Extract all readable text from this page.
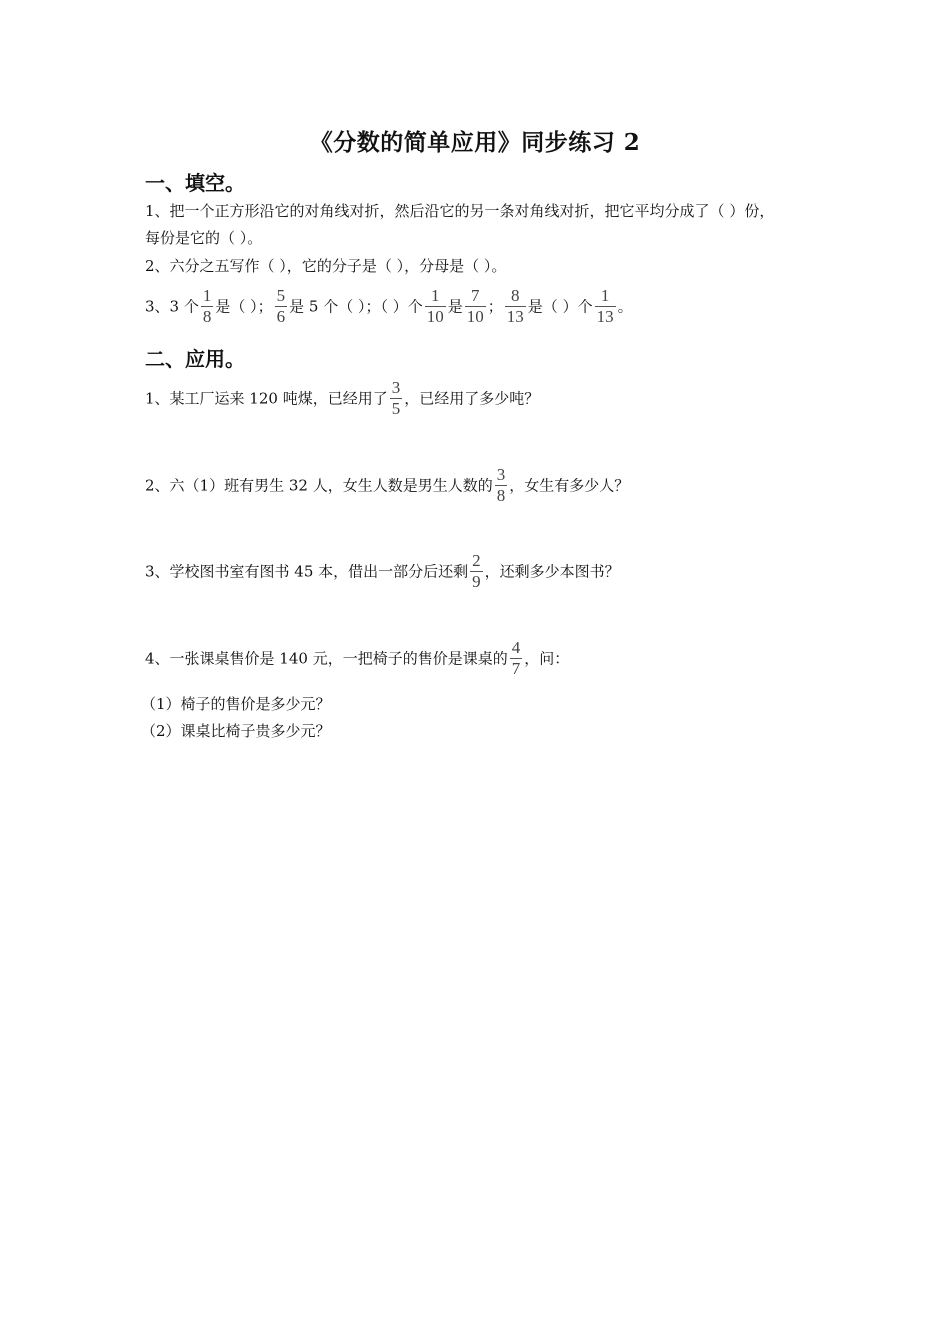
《分数的简单应用》同步练习 2
一、填空。
1、把一个正方形沿它的对角线对折，然后沿它的另一条对角线对折，把它平均分成了（ ）份，
每份是它的（ ）。
2、六分之五写作（ ），它的分子是（ ），分母是（ ）。
3、3 个 $\frac{1}{8}$ 是（ ）； $\frac{5}{6}$ 是 5 个（ ）；（ ）个 $\frac{1}{10}$ 是 $\frac{7}{10}$ ； $\frac{8}{13}$ 是（ ）个 $\frac{1}{13}$ 。
二、应用。
1、某工厂运来 120 吨煤，已经用了 $\frac{3}{5}$ ，已经用了多少吨？
2、六（1）班有男生 32 人，女生人数是男生人数的 $\frac{3}{8}$ ，女生有多少人？
3、学校图书室有图书 45 本，借出一部分后还剩 $\frac{2}{9}$ ，还剩多少本图书？
4、一张课桌售价是 140 元，一把椅子的售价是课桌的 $\frac{4}{7}$ ，问：
（1）椅子的售价是多少元？
（2）课桌比椅子贵多少元？
